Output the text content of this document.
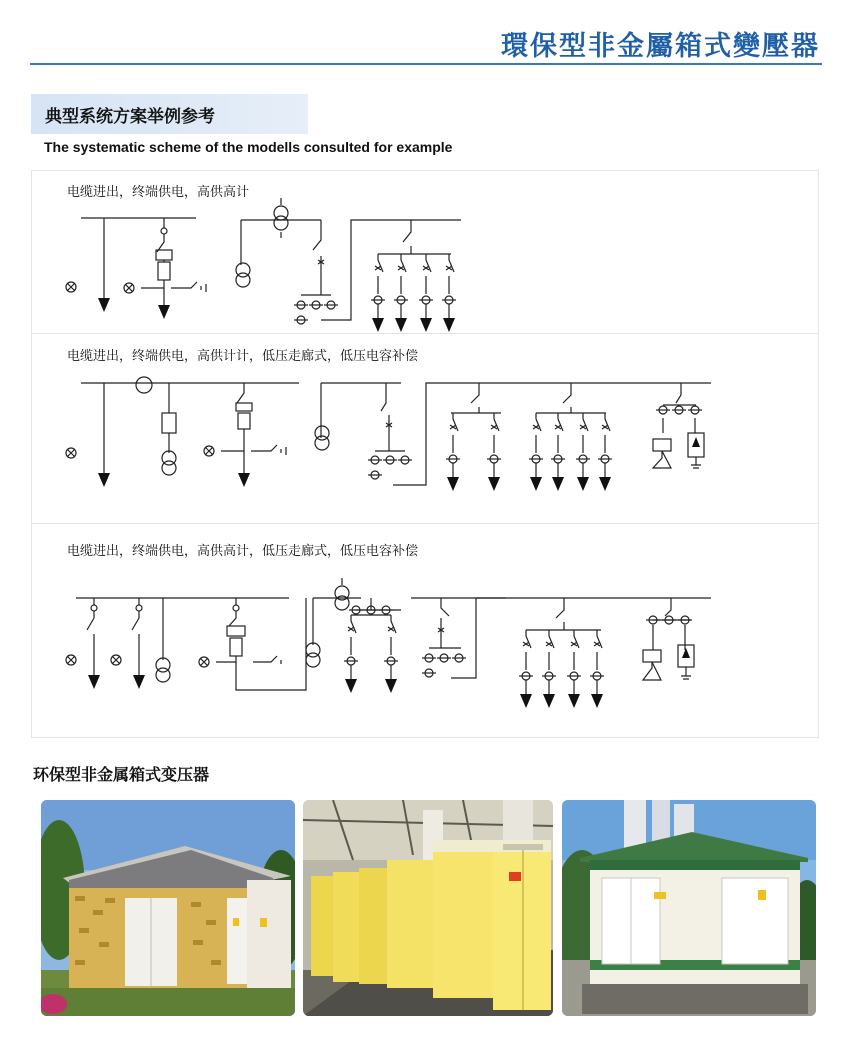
環保型非金屬箱式變壓器
典型系统方案举例参考
The systematic scheme of the modells consulted for example
电缆进出，终端供电，高供高计
电缆进出，终端供电，高供计计，低压走廊式，低压电容补偿
电缆进出，终端供电，高供高计，低压走廊式，低压电容补偿
环保型非金属箱式变压器
